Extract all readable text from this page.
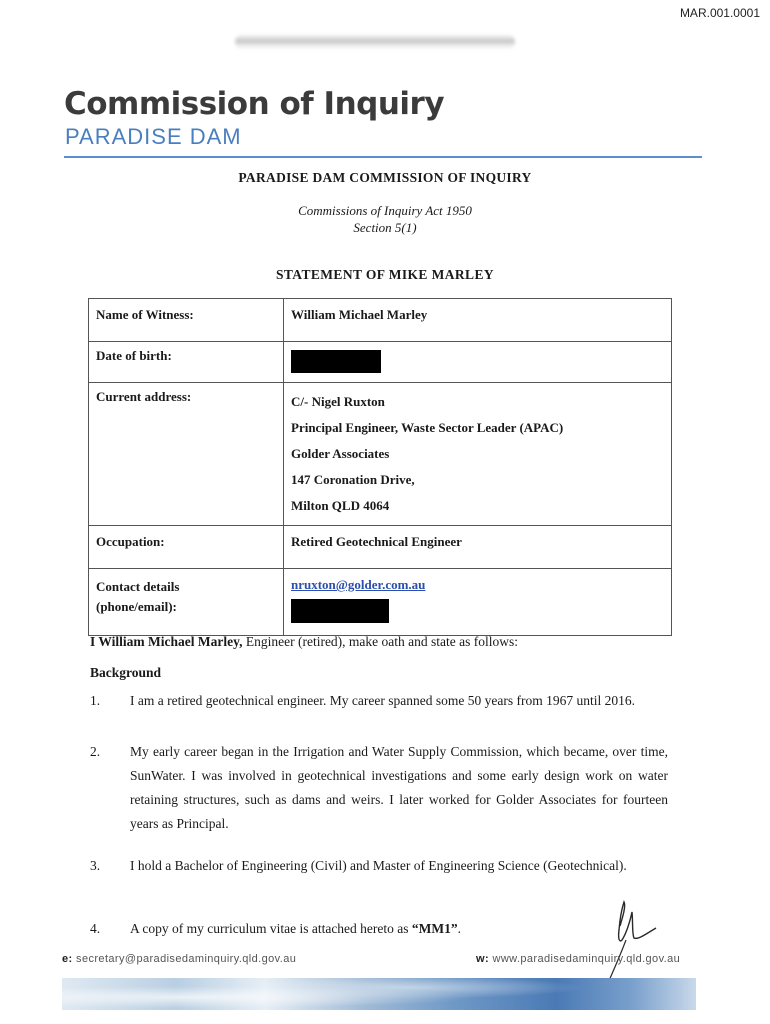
MAR.001.0001
Commission of Inquiry
PARADISE DAM
PARADISE DAM COMMISSION OF INQUIRY
Commissions of Inquiry Act 1950
Section 5(1)
STATEMENT OF MIKE MARLEY
Name of Witness:	William Michael Marley
Date of birth:	
Current address:	C/- Nigel Ruxton
Principal Engineer, Waste Sector Leader (APAC)
Golder Associates
147 Coronation Drive,
Milton QLD 4064

Occupation:	Retired Geotechnical Engineer

Contact details
(phone/email):	nruxton@golder.com.au
I William Michael Marley, Engineer (retired), make oath and state as follows:
Background
1.	I am a retired geotechnical engineer. My career spanned some 50 years from 1967 until 2016.
2.	My early career began in the Irrigation and Water Supply Commission, which became, over time, SunWater. I was involved in geotechnical investigations and some early design work on water retaining structures, such as dams and weirs. I later worked for Golder Associates for fourteen years as Principal.
3.	I hold a Bachelor of Engineering (Civil) and Master of Engineering Science (Geotechnical).
4.	A copy of my curriculum vitae is attached hereto as “MM1”.
e: secretary@paradisedaminquiry.qld.gov.au	w: www.paradisedaminquiry.qld.gov.au
